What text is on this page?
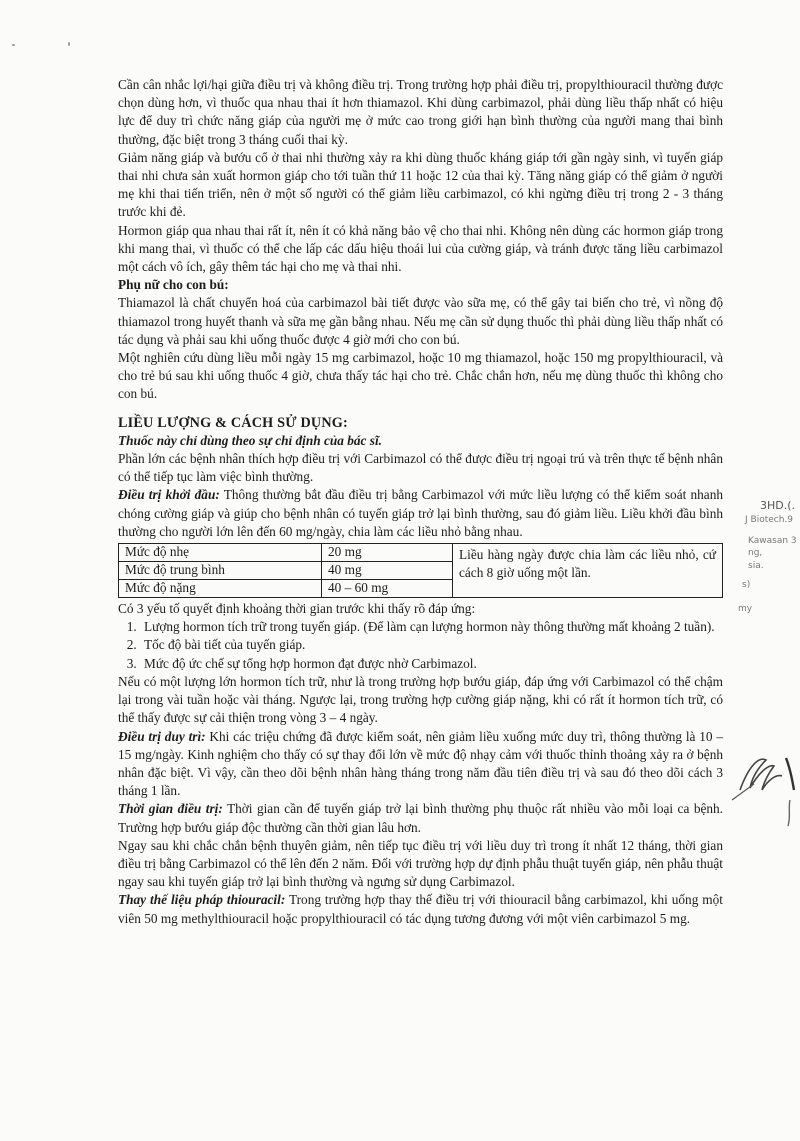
Cần cân nhắc lợi/hại giữa điều trị và không điều trị. Trong trường hợp phải điều trị, propylthiouracil thường được chọn dùng hơn, vì thuốc qua nhau thai ít hơn thiamazol. Khi dùng carbimazol, phải dùng liều thấp nhất có hiệu lực để duy trì chức năng giáp của người mẹ ở mức cao trong giới hạn bình thường của người mang thai bình thường, đặc biệt trong 3 tháng cuối thai kỳ.

Giảm năng giáp và bướu cổ ở thai nhi thường xảy ra khi dùng thuốc kháng giáp tới gần ngày sinh, vì tuyến giáp thai nhi chưa sản xuất hormon giáp cho tới tuần thứ 11 hoặc 12 của thai kỳ. Tăng năng giáp có thể giảm ở người mẹ khi thai tiến triển, nên ở một số người có thể giảm liều carbimazol, có khi ngừng điều trị trong 2 - 3 tháng trước khi đẻ.

Hormon giáp qua nhau thai rất ít, nên ít có khả năng bảo vệ cho thai nhi. Không nên dùng các hormon giáp trong khi mang thai, vì thuốc có thể che lấp các dấu hiệu thoái lui của cường giáp, và tránh được tăng liều carbimazol một cách vô ích, gây thêm tác hại cho mẹ và thai nhi.

Phụ nữ cho con bú:

Thiamazol là chất chuyển hoá của carbimazol bài tiết được vào sữa mẹ, có thể gây tai biến cho trẻ, vì nồng độ thiamazol trong huyết thanh và sữa mẹ gần bằng nhau. Nếu mẹ cần sử dụng thuốc thì phải dùng liều thấp nhất có tác dụng và phải sau khi uống thuốc được 4 giờ mới cho con bú.

Một nghiên cứu dùng liều mỗi ngày 15 mg carbimazol, hoặc 10 mg thiamazol, hoặc 150 mg propylthiouracil, và cho trẻ bú sau khi uống thuốc 4 giờ, chưa thấy tác hại cho trẻ. Chắc chắn hơn, nếu mẹ dùng thuốc thì không cho con bú.

LIỀU LƯỢNG & CÁCH SỬ DỤNG:

Thuốc này chỉ dùng theo sự chỉ định của bác sĩ.

Phần lớn các bệnh nhân thích hợp điều trị với Carbimazol có thể được điều trị ngoại trú và trên thực tế bệnh nhân có thể tiếp tục làm việc bình thường.

Điều trị khởi đầu: Thông thường bắt đầu điều trị bằng Carbimazol với mức liều lượng có thể kiểm soát nhanh chóng cường giáp và giúp cho bệnh nhân có tuyến giáp trở lại bình thường, sau đó giảm liều. Liều khởi đầu bình thường cho người lớn lên đến 60 mg/ngày, chia làm các liều nhỏ bằng nhau.

Mức độ nhẹ	20 mg	Liều hàng ngày được chia làm các liều nhỏ, cứ cách 8 giờ uống một lần.
Mức độ trung bình	40 mg	
Mức độ nặng	40 – 60 mg	

Có 3 yếu tố quyết định khoảng thời gian trước khi thấy rõ đáp ứng:

1. Lượng hormon tích trữ trong tuyến giáp. (Để làm cạn lượng hormon này thông thường mất khoảng 2 tuần).
2. Tốc độ bài tiết của tuyến giáp.
3. Mức độ ức chế sự tổng hợp hormon đạt được nhờ Carbimazol.

Nếu có một lượng lớn hormon tích trữ, như là trong trường hợp bướu giáp, đáp ứng với Carbimazol có thể chậm lại trong vài tuần hoặc vài tháng. Ngược lại, trong trường hợp cường giáp nặng, khi có rất ít hormon tích trữ, có thể thấy được sự cải thiện trong vòng 3 – 4 ngày.

Điều trị duy trì: Khi các triệu chứng đã được kiểm soát, nên giảm liều xuống mức duy trì, thông thường là 10 – 15 mg/ngày. Kinh nghiệm cho thấy có sự thay đổi lớn về mức độ nhạy cảm với thuốc thỉnh thoảng xảy ra ở bệnh nhân đặc biệt. Vì vậy, cần theo dõi bệnh nhân hàng tháng trong năm đầu tiên điều trị và sau đó theo dõi cách 3 tháng 1 lần.

Thời gian điều trị: Thời gian cần để tuyến giáp trở lại bình thường phụ thuộc rất nhiều vào mỗi loại ca bệnh. Trường hợp bướu giáp độc thường cần thời gian lâu hơn.

Ngay sau khi chắc chắn bệnh thuyên giảm, nên tiếp tục điều trị với liều duy trì trong ít nhất 12 tháng, thời gian điều trị bằng Carbimazol có thể lên đến 2 năm. Đối với trường hợp dự định phẫu thuật tuyến giáp, nên phẫu thuật ngay sau khi tuyến giáp trở lại bình thường và ngưng sử dụng Carbimazol.

Thay thế liệu pháp thiouracil: Trong trường hợp thay thế điều trị với thiouracil bằng carbimazol, khi uống một viên 50 mg methylthiouracil hoặc propylthiouracil có tác dụng tương đương với một viên carbimazol 5 mg.

3HD.(.
J Biotech.9
Kawasan 3
ng,
sia.
s)
my
